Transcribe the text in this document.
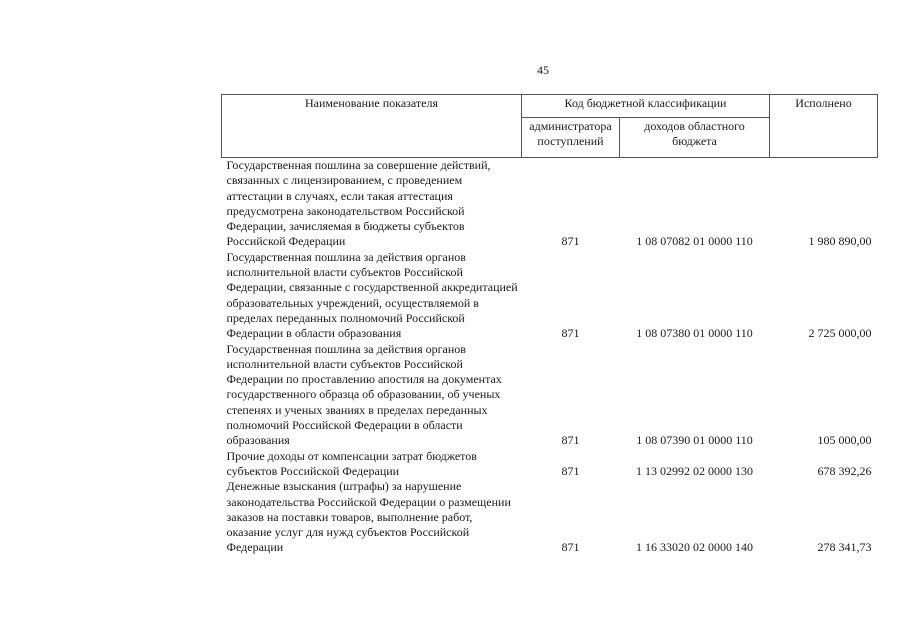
45
Наименование показателя	Код бюджетной классификации		Исполнено
	администратора поступлений	доходов областного бюджета	
Государственная пошлина за совершение действий, связанных с лицензированием, с проведением аттестации в случаях, если такая аттестация предусмотрена законодательством Российской Федерации, зачисляемая в бюджеты субъектов Российской Федерации	871	1 08 07082 01 0000 110	1 980 890,00
Государственная пошлина за действия органов исполнительной власти субъектов Российской Федерации, связанные с государственной аккредитацией образовательных учреждений, осуществляемой в пределах переданных полномочий Российской Федерации в области образования	871	1 08 07380 01 0000 110	2 725 000,00
Государственная пошлина за действия органов исполнительной власти субъектов Российской Федерации по проставлению апостиля на документах государственного образца об образовании, об ученых степенях и ученых званиях в пределах переданных полномочий Российской Федерации в области образования	871	1 08 07390 01 0000 110	105 000,00
Прочие доходы от компенсации затрат бюджетов субъектов Российской Федерации	871	1 13 02992 02 0000 130	678 392,26
Денежные взыскания (штрафы) за нарушение законодательства Российской Федерации о размещении заказов на поставки товаров, выполнение работ, оказание услуг для нужд субъектов Российской Федерации	871	1 16 33020 02 0000 140	278 341,73
